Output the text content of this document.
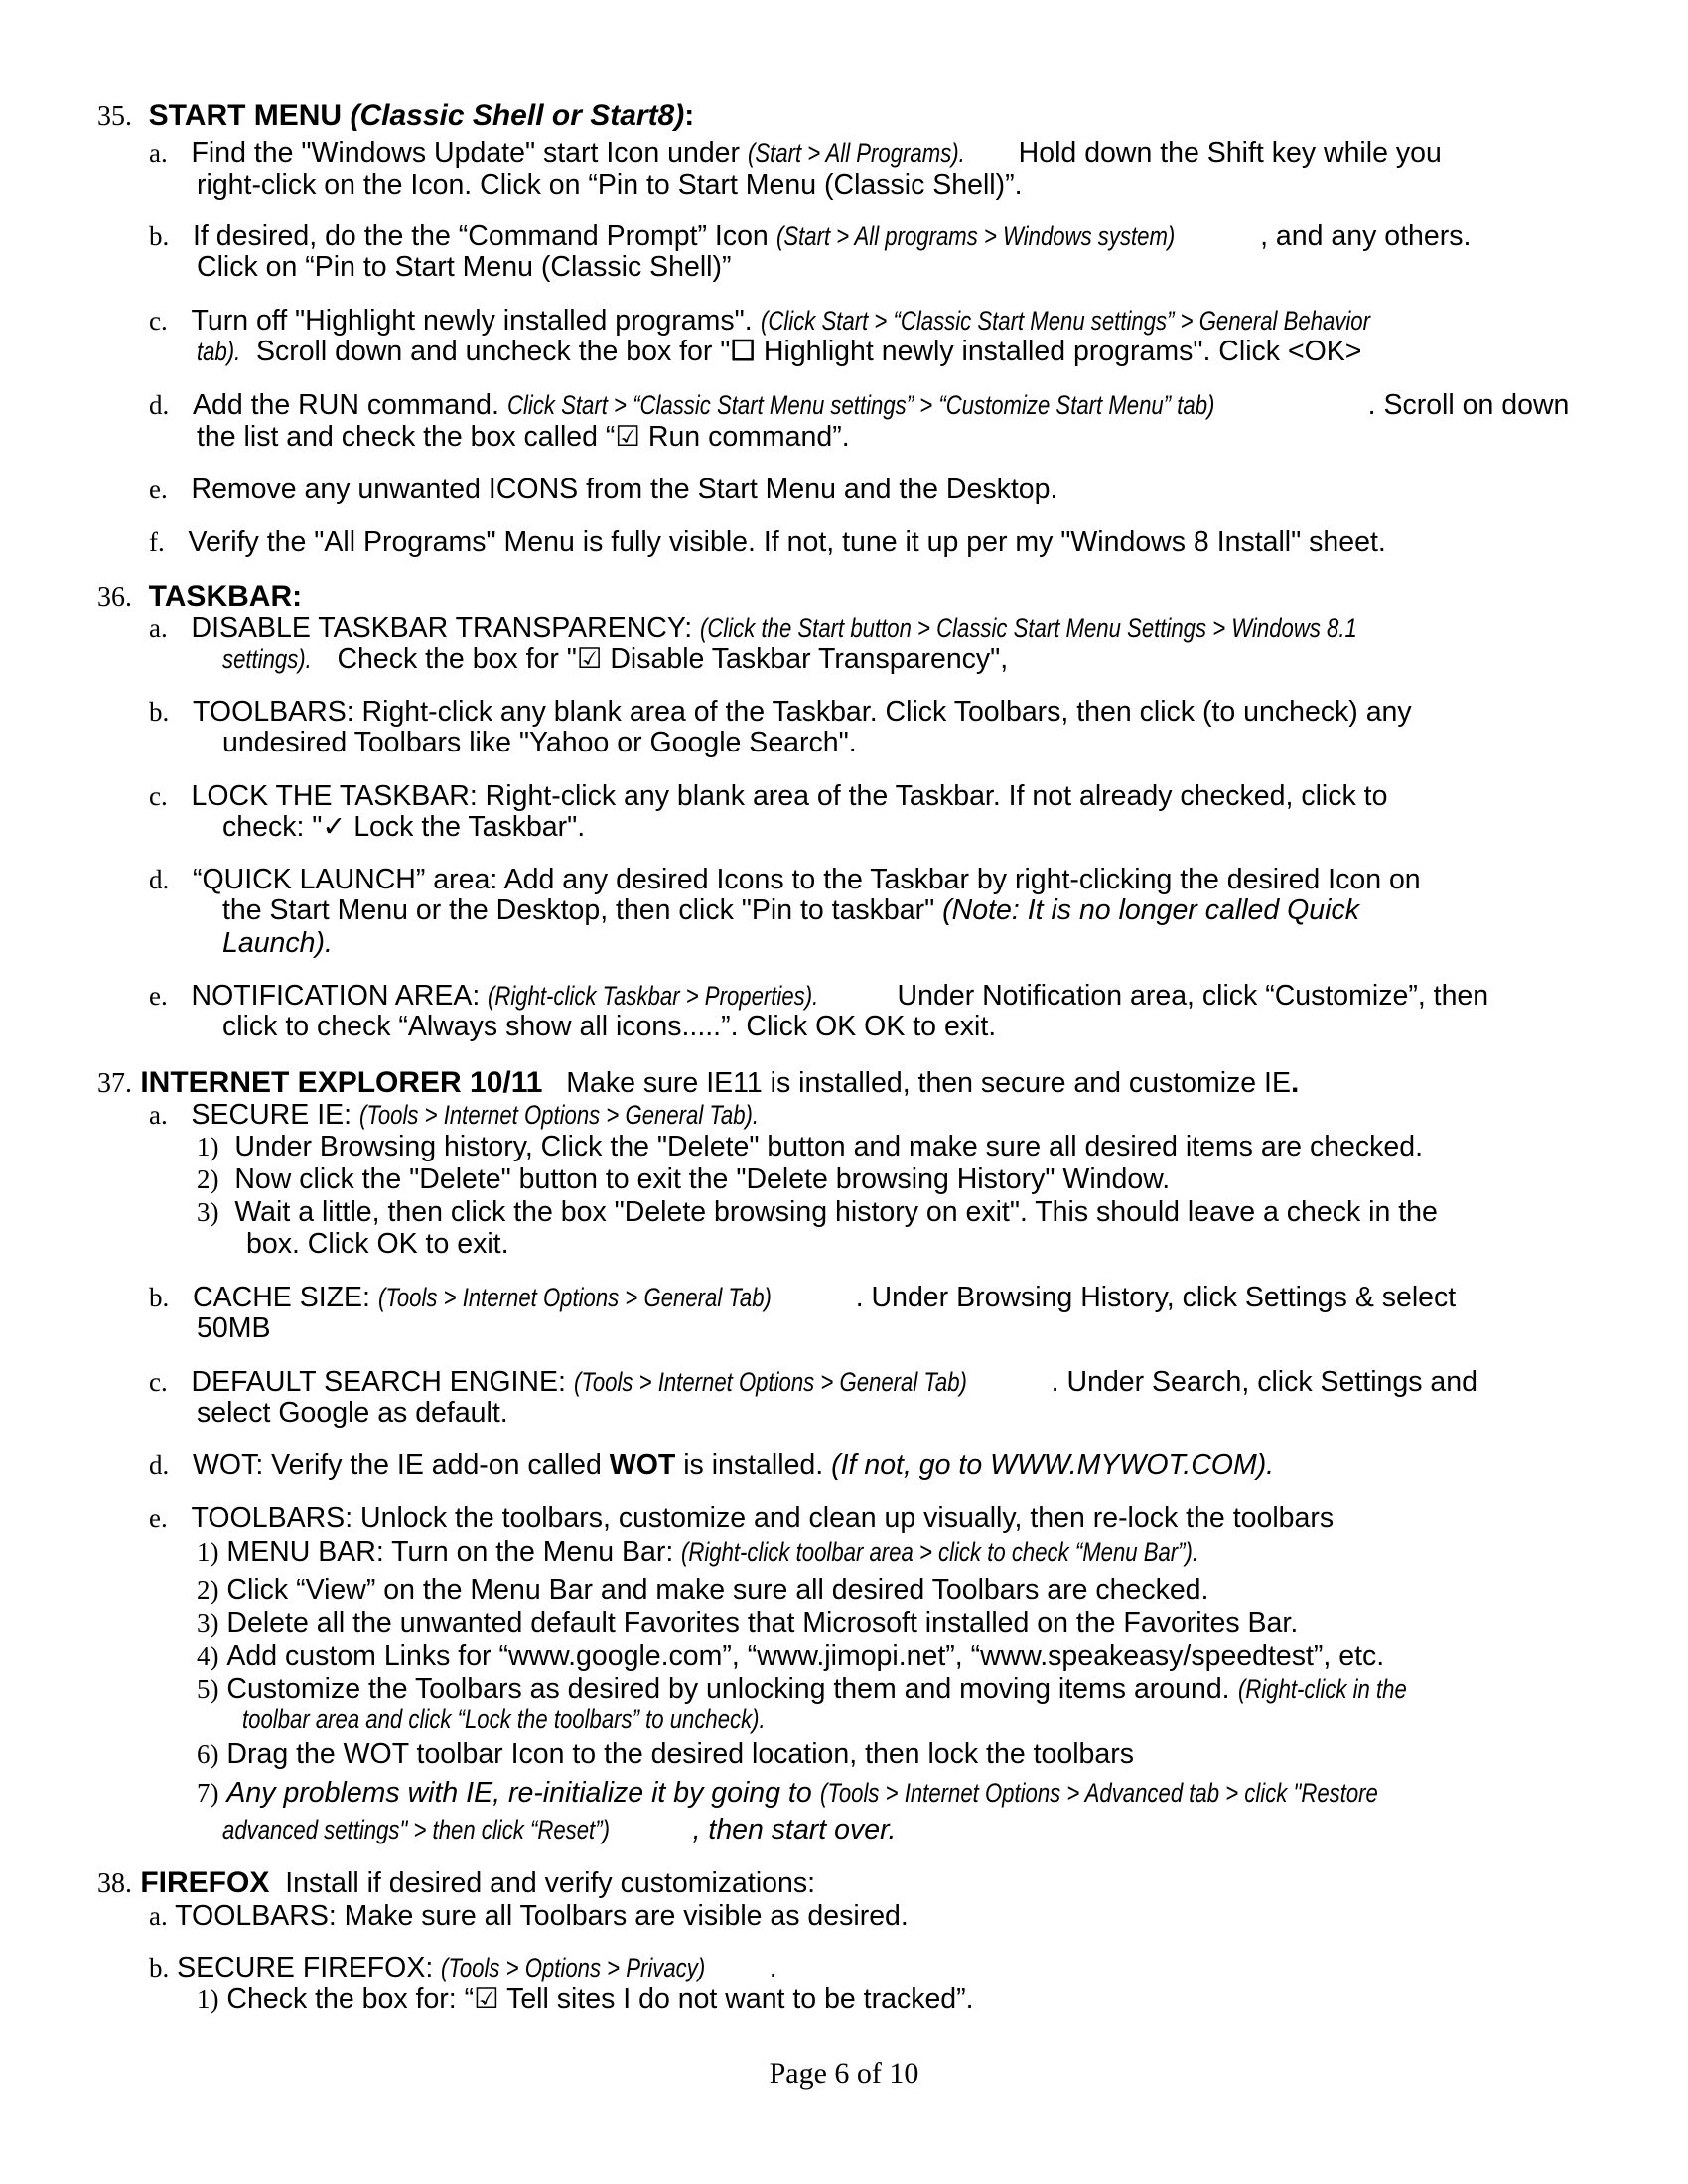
35. START MENU (Classic Shell or Start8):
a. Find the "Windows Update" start Icon under (Start > All Programs). Hold down the Shift key while you
right-click on the Icon. Click on “Pin to Start Menu (Classic Shell)”.
b. If desired, do the the “Command Prompt” Icon (Start > All programs > Windows system)	, and any others.
Click on “Pin to Start Menu (Classic Shell)”
c. Turn off "Highlight newly installed programs". (Click Start > “Classic Start Menu settings” > General Behavior
tab). Scroll down and uncheck the box for "☐ Highlight newly installed programs". Click <OK>
d. Add the RUN command. Click Start > “Classic Start Menu settings” > “Customize Start Menu” tab)	. Scroll on down
the list and check the box called “☑ Run command”.
e. Remove any unwanted ICONS from the Start Menu and the Desktop.
f. Verify the "All Programs" Menu is fully visible. If not, tune it up per my "Windows 8 Install" sheet.
36. TASKBAR:
a. DISABLE TASKBAR TRANSPARENCY: (Click the Start button > Classic Start Menu Settings > Windows 8.1
settings). Check the box for "☑ Disable Taskbar Transparency",
b. TOOLBARS: Right-click any blank area of the Taskbar. Click Toolbars, then click (to uncheck) any
undesired Toolbars like "Yahoo or Google Search".
c. LOCK THE TASKBAR: Right-click any blank area of the Taskbar. If not already checked, click to
check: "✓ Lock the Taskbar".
d. “QUICK LAUNCH” area: Add any desired Icons to the Taskbar by right-clicking the desired Icon on
the Start Menu or the Desktop, then click "Pin to taskbar" (Note: It is no longer called Quick
Launch).
e. NOTIFICATION AREA: (Right-click Taskbar > Properties). Under Notification area, click “Customize”, then
click to check “Always show all icons.....”. Click OK OK to exit.
37. INTERNET EXPLORER 10/11   Make sure IE11 is installed, then secure and customize IE.
a. SECURE IE: (Tools > Internet Options > General Tab).
1) Under Browsing history, Click the "Delete" button and make sure all desired items are checked.
2) Now click the "Delete" button to exit the "Delete browsing History" Window.
3) Wait a little, then click the box "Delete browsing history on exit". This should leave a check in the
box. Click OK to exit.
b. CACHE SIZE: (Tools > Internet Options > General Tab)	. Under Browsing History, click Settings & select
50MB
c. DEFAULT SEARCH ENGINE: (Tools > Internet Options > General Tab)	. Under Search, click Settings and
select Google as default.
d. WOT: Verify the IE add-on called WOT is installed. (If not, go to WWW.MYWOT.COM).
e. TOOLBARS: Unlock the toolbars, customize and clean up visually, then re-lock the toolbars
1) MENU BAR: Turn on the Menu Bar: (Right-click toolbar area > click to check “Menu Bar”).
2) Click “View” on the Menu Bar and make sure all desired Toolbars are checked.
3) Delete all the unwanted default Favorites that Microsoft installed on the Favorites Bar.
4) Add custom Links for “www.google.com”, “www.jimopi.net”, “www.speakeasy/speedtest”, etc.
5) Customize the Toolbars as desired by unlocking them and moving items around. (Right-click in the
toolbar area and click “Lock the toolbars” to uncheck).
6) Drag the WOT toolbar Icon to the desired location, then lock the toolbars
7) Any problems with IE, re-initialize it by going to (Tools > Internet Options > Advanced tab > click "Restore
advanced settings" > then click “Reset”)	, then start over.
38. FIREFOX  Install if desired and verify customizations:
a. TOOLBARS: Make sure all Toolbars are visible as desired.
b. SECURE FIREFOX: (Tools > Options > Privacy) .
1) Check the box for: “☑ Tell sites I do not want to be tracked”.
Page 6 of 10
